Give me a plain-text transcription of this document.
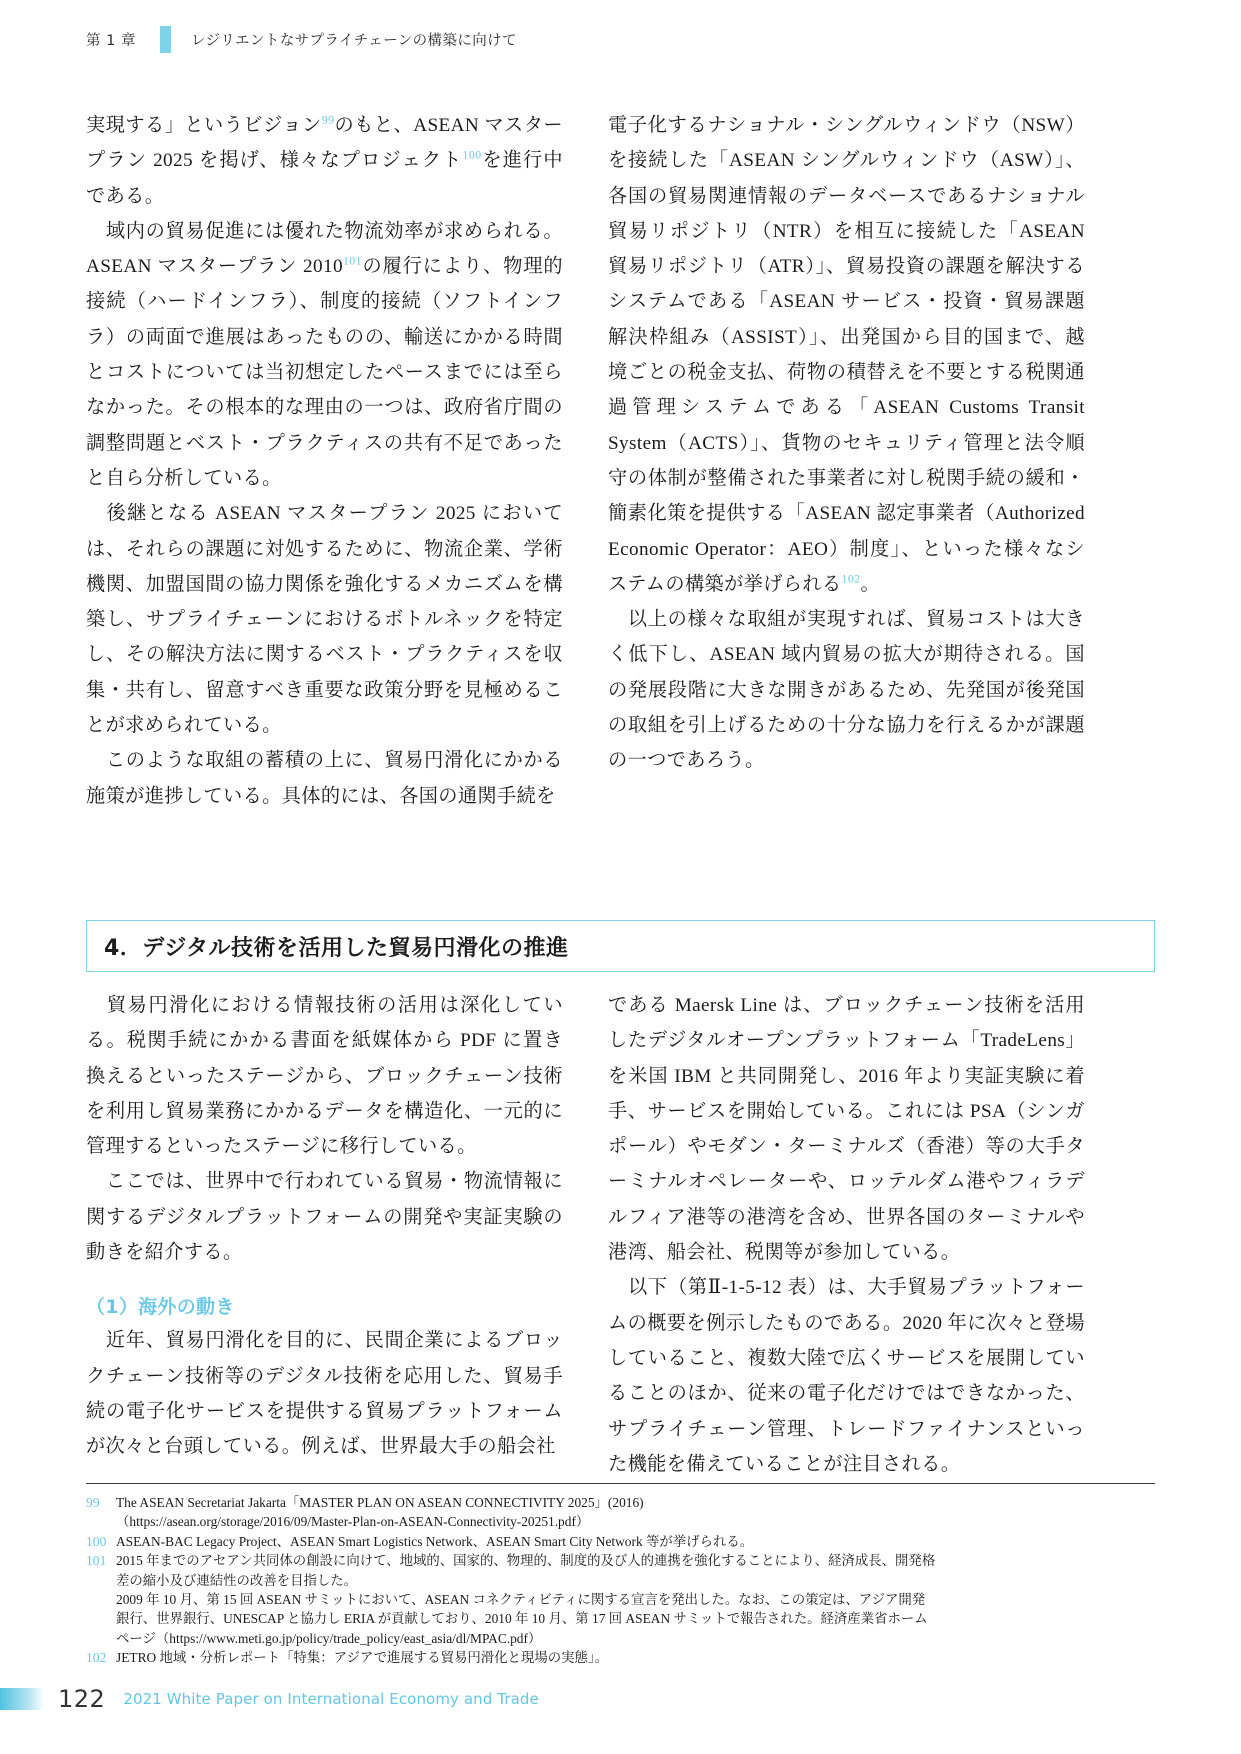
第 1 章	レジリエントなサプライチェーンの構築に向けて

実現する」というビジョン$^{99}$のもと、ASEAN マスタープラン 2025 を掲げ、様々なプロジェクト$^{100}$を進行中である。

　域内の貿易促進には優れた物流効率が求められる。ASEAN マスタープラン 2010$^{101}$の履行により、物理的接続（ハードインフラ）、制度的接続（ソフトインフラ）の両面で進展はあったものの、輸送にかかる時間とコストについては当初想定したペースまでには至らなかった。その根本的な理由の一つは、政府省庁間の調整問題とベスト・プラクティスの共有不足であったと自ら分析している。

　後継となる ASEAN マスタープラン 2025 においては、それらの課題に対処するために、物流企業、学術機関、加盟国間の協力関係を強化するメカニズムを構築し、サプライチェーンにおけるボトルネックを特定し、その解決方法に関するベスト・プラクティスを収集・共有し、留意すべき重要な政策分野を見極めることが求められている。

　このような取組の蓄積の上に、貿易円滑化にかかる施策が進捗している。具体的には、各国の通関手続を

電子化するナショナル・シングルウィンドウ（NSW）を接続した「ASEAN シングルウィンドウ（ASW）」、各国の貿易関連情報のデータベースであるナショナル貿易リポジトリ（NTR）を相互に接続した「ASEAN 貿易リポジトリ（ATR）」、貿易投資の課題を解決するシステムである「ASEAN サービス・投資・貿易課題解決枠組み（ASSIST）」、出発国から目的国まで、越境ごとの税金支払、荷物の積替えを不要とする税関通過管理システムである「ASEAN Customs Transit System（ACTS）」、貨物のセキュリティ管理と法令順守の体制が整備された事業者に対し税関手続の緩和・簡素化策を提供する「ASEAN 認定事業者（Authorized Economic Operator：AEO）制度」、といった様々なシステムの構築が挙げられる$^{102}$。

　以上の様々な取組が実現すれば、貿易コストは大きく低下し、ASEAN 域内貿易の拡大が期待される。国の発展段階に大きな開きがあるため、先発国が後発国の取組を引上げるための十分な協力を行えるかが課題の一つであろう。

4．デジタル技術を活用した貿易円滑化の推進

　貿易円滑化における情報技術の活用は深化している。税関手続にかかる書面を紙媒体から PDF に置き換えるといったステージから、ブロックチェーン技術を利用し貿易業務にかかるデータを構造化、一元的に管理するといったステージに移行している。

　ここでは、世界中で行われている貿易・物流情報に関するデジタルプラットフォームの開発や実証実験の動きを紹介する。

（1）海外の動き

　近年、貿易円滑化を目的に、民間企業によるブロックチェーン技術等のデジタル技術を応用した、貿易手続の電子化サービスを提供する貿易プラットフォームが次々と台頭している。例えば、世界最大手の船会社

である Maersk Line は、ブロックチェーン技術を活用したデジタルオープンプラットフォーム「TradeLens」を米国 IBM と共同開発し、2016 年より実証実験に着手、サービスを開始している。これには PSA（シンガポール）やモダン・ターミナルズ（香港）等の大手ターミナルオペレーターや、ロッテルダム港やフィラデルフィア港等の港湾を含め、世界各国のターミナルや港湾、船会社、税関等が参加している。

　以下（第Ⅱ-1-5-12 表）は、大手貿易プラットフォームの概要を例示したものである。2020 年に次々と登場していること、複数大陸で広くサービスを展開していることのほか、従来の電子化だけではできなかった、サプライチェーン管理、トレードファイナンスといった機能を備えていることが注目される。

99	The ASEAN Secretariat Jakarta「MASTER PLAN ON ASEAN CONNECTIVITY 2025」(2016)
（https://asean.org/storage/2016/09/Master-Plan-on-ASEAN-Connectivity-20251.pdf）
100 ASEAN-BAC Legacy Project、ASEAN Smart Logistics Network、ASEAN Smart City Network 等が挙げられる。
101 2015 年までのアセアン共同体の創設に向けて、地域的、国家的、物理的、制度的及び人的連携を強化することにより、経済成長、開発格
差の縮小及び連結性の改善を目指した。
2009 年 10 月、第 15 回 ASEAN サミットにおいて、ASEAN コネクティビティに関する宣言を発出した。なお、この策定は、アジア開発
銀行、世界銀行、UNESCAP と協力し ERIA が貢献しており、2010 年 10 月、第 17 回 ASEAN サミットで報告された。経済産業省ホーム
ページ（https://www.meti.go.jp/policy/trade_policy/east_asia/dl/MPAC.pdf）
102 JETRO 地域・分析レポート「特集：アジアで進展する貿易円滑化と現場の実態」。
122 2021 White Paper on International Economy and Trade
